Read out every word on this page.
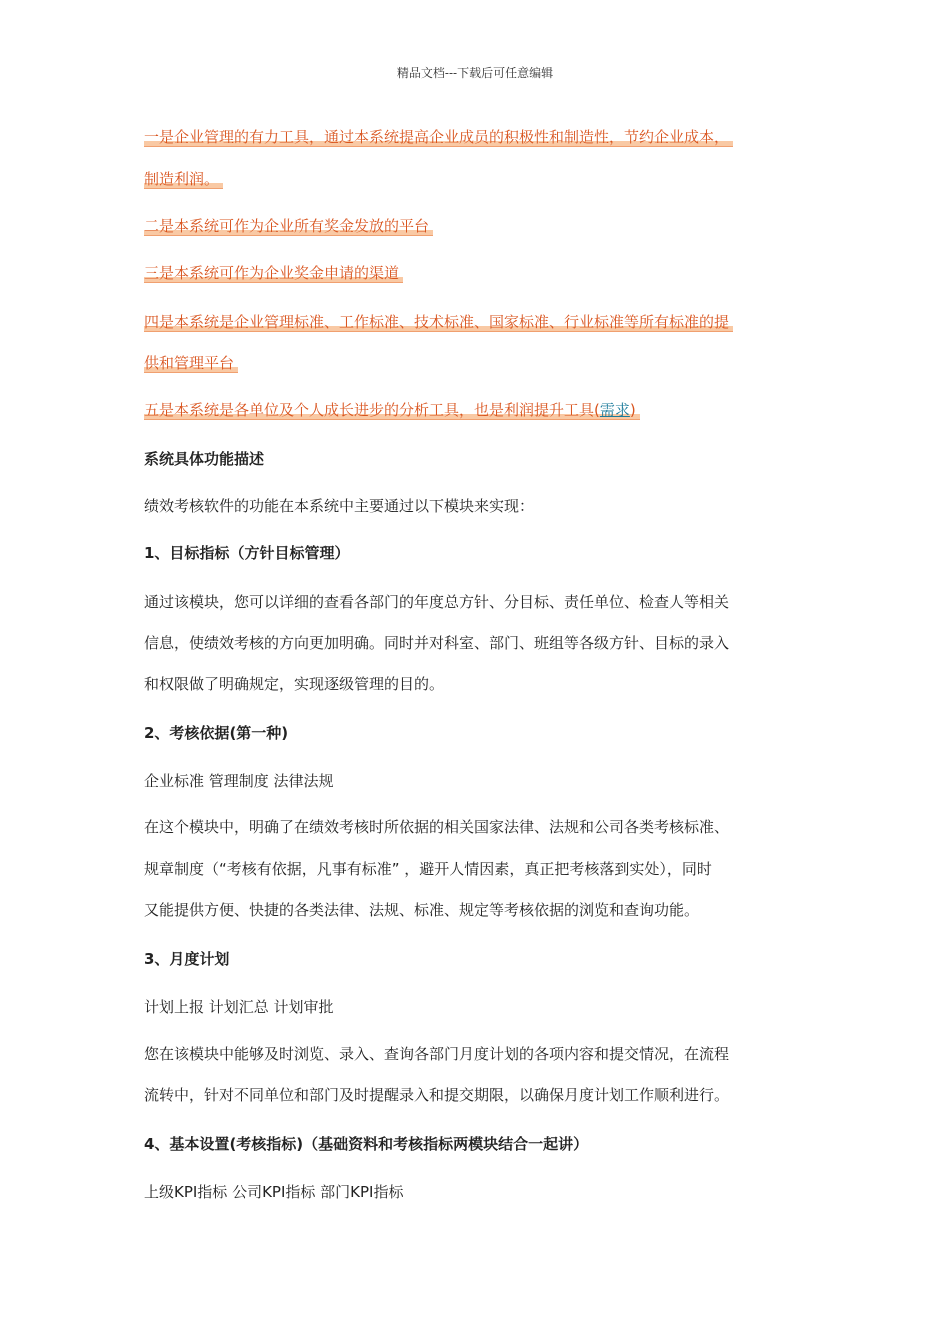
精品文档---下载后可任意编辑
一是企业管理的有力工具，通过本系统提高企业成员的积极性和制造性，节约企业成本，
制造利润。
二是本系统可作为企业所有奖金发放的平台
三是本系统可作为企业奖金申请的渠道
四是本系统是企业管理标准、工作标准、技术标准、国家标准、行业标准等所有标准的提
供和管理平台
五是本系统是各单位及个人成长进步的分析工具，也是利润提升工具(需求)
系统具体功能描述
绩效考核软件的功能在本系统中主要通过以下模块来实现：
1、目标指标（方针目标管理）
通过该模块，您可以详细的查看各部门的年度总方针、分目标、责任单位、检查人等相关
信息，使绩效考核的方向更加明确。同时并对科室、部门、班组等各级方针、目标的录入
和权限做了明确规定，实现逐级管理的目的。
2、考核依据(第一种)
企业标准 管理制度 法律法规
在这个模块中，明确了在绩效考核时所依据的相关国家法律、法规和公司各类考核标准、
规章制度（“考核有依据，凡事有标准” ，避开人情因素，真正把考核落到实处），同时
又能提供方便、快捷的各类法律、法规、标准、规定等考核依据的浏览和查询功能。
3、月度计划
计划上报 计划汇总 计划审批
您在该模块中能够及时浏览、录入、查询各部门月度计划的各项内容和提交情况，在流程
流转中，针对不同单位和部门及时提醒录入和提交期限，以确保月度计划工作顺利进行。
4、基本设置(考核指标)（基础资料和考核指标两模块结合一起讲）
上级KPI指标 公司KPI指标 部门KPI指标
